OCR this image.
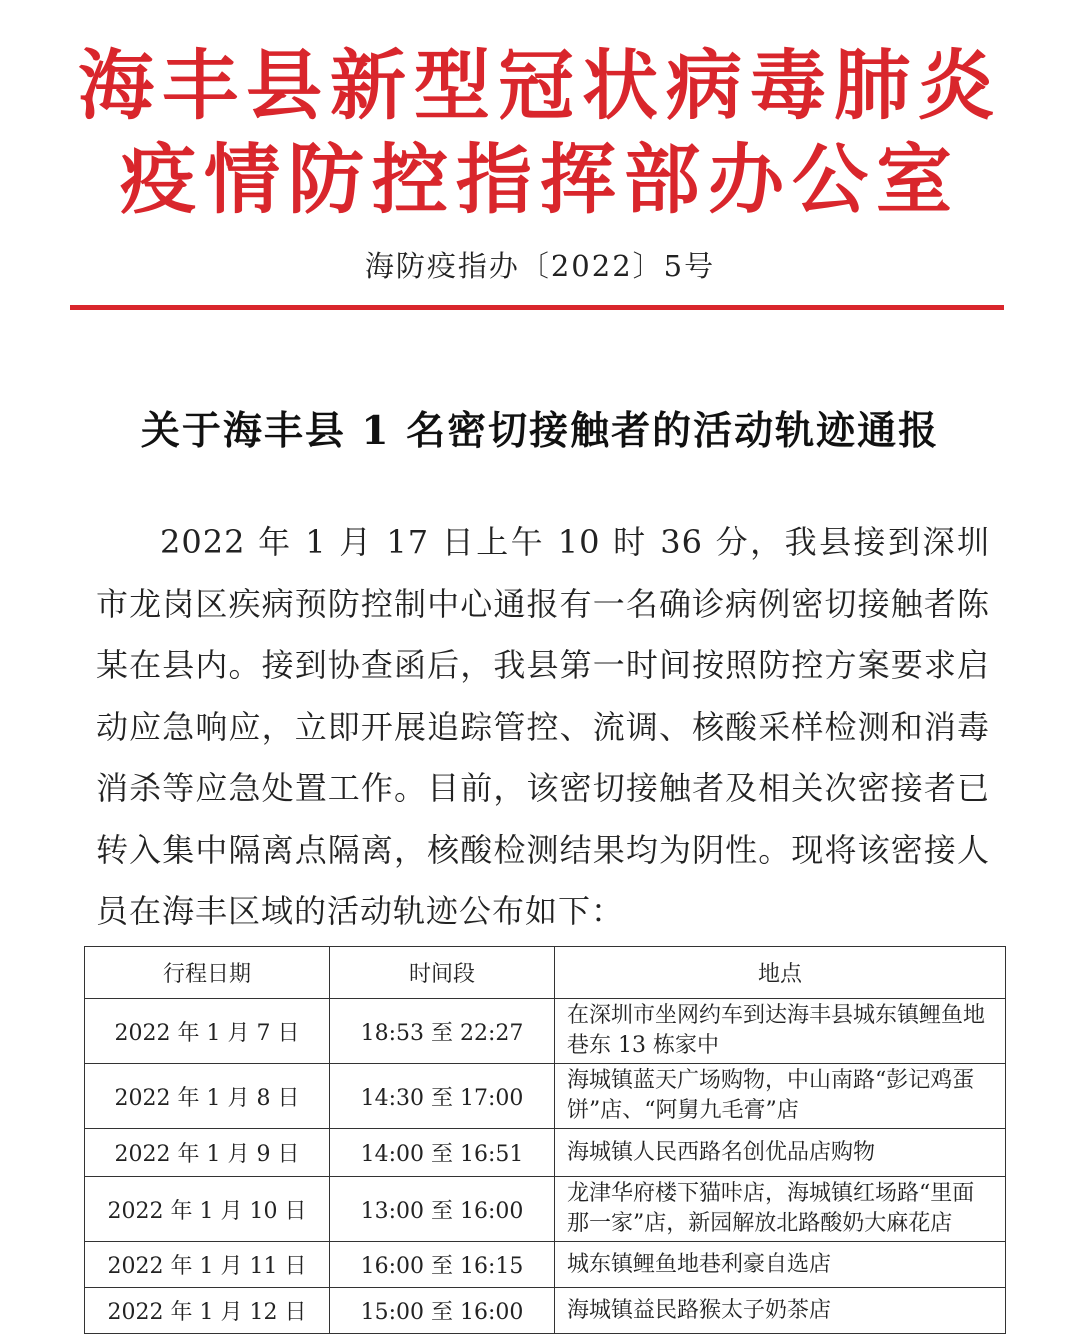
海丰县新型冠状病毒肺炎
疫情防控指挥部办公室
海防疫指办〔2022〕5号
关于海丰县 1 名密切接触者的活动轨迹通报

2022 年 1 月 17 日上午 10 时 36 分，我县接到深圳市龙岗区疾病预防控制中心通报有一名确诊病例密切接触者陈某在县内。接到协查函后，我县第一时间按照防控方案要求启动应急响应，立即开展追踪管控、流调、核酸采样检测和消毒消杀等应急处置工作。目前，该密切接触者及相关次密接者已转入集中隔离点隔离，核酸检测结果均为阴性。现将该密接人员在海丰区域的活动轨迹公布如下：

行程日期	时间段	地点
2022 年 1 月 7 日	18:53 至 22:27	在深圳市坐网约车到达海丰县城东镇鲤鱼地巷东 13 栋家中
2022 年 1 月 8 日	14:30 至 17:00	海城镇蓝天广场购物，中山南路“彭记鸡蛋饼”店、“阿舅九毛膏”店
2022 年 1 月 9 日	14:00 至 16:51	海城镇人民西路名创优品店购物
2022 年 1 月 10 日	13:00 至 16:00	龙津华府楼下猫咔店，海城镇红场路“里面那一家”店，新园解放北路酸奶大麻花店
2022 年 1 月 11 日	16:00 至 16:15	城东镇鲤鱼地巷利豪自选店
2022 年 1 月 12 日	15:00 至 16:00	海城镇益民路猴太子奶茶店
